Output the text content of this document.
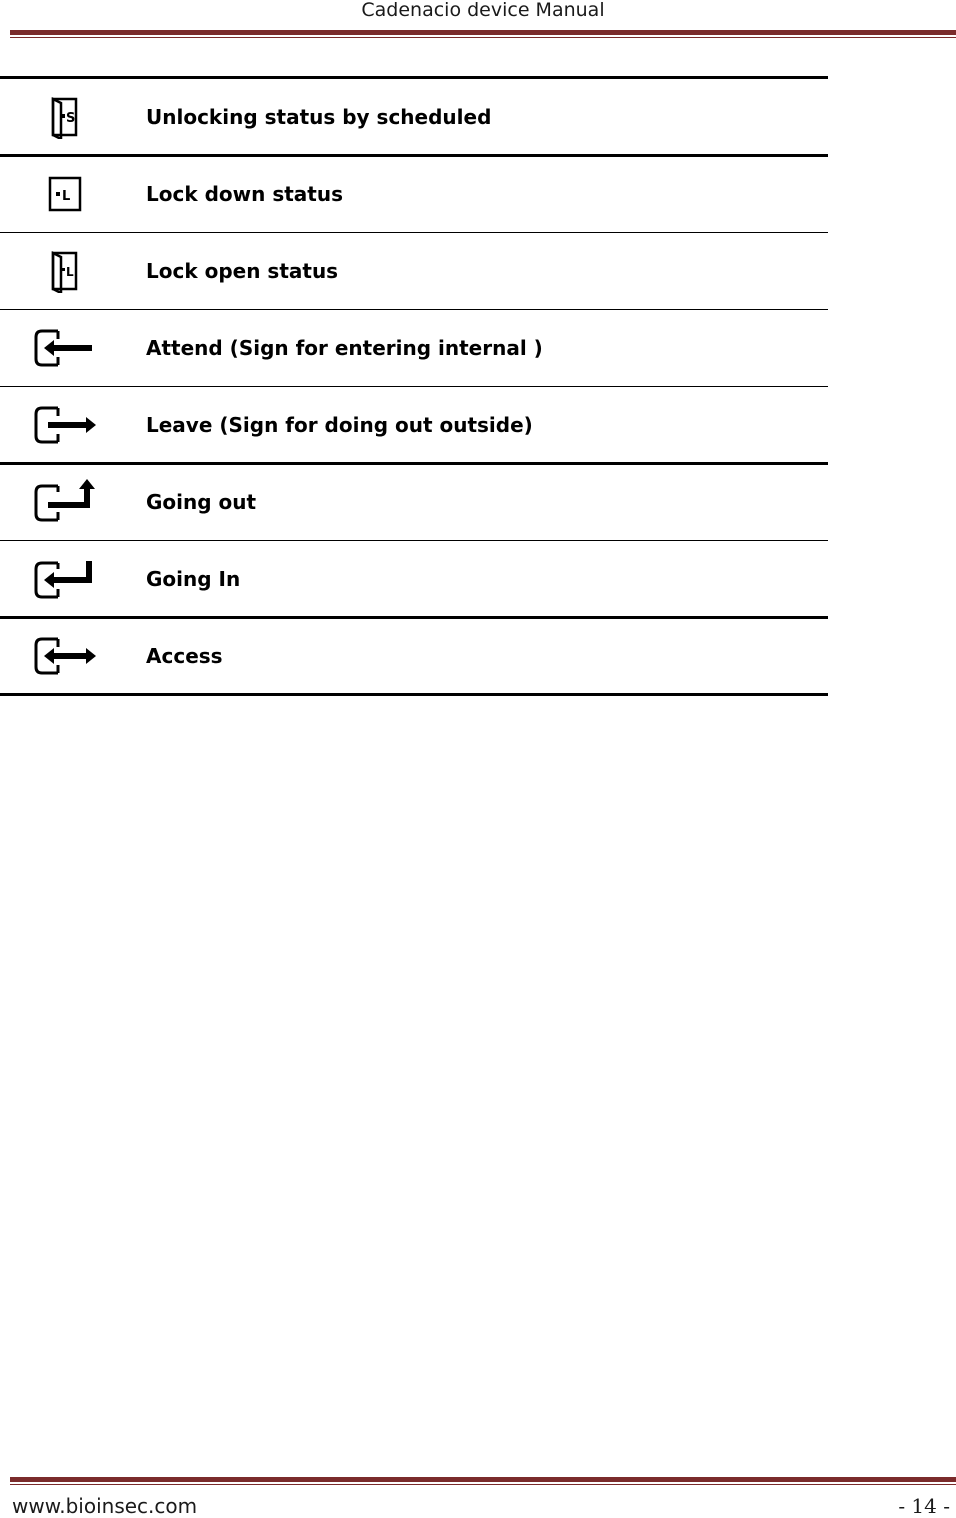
Cadenacio device Manual
S	Unlocking status by scheduled
L	Lock down status
L	Lock open status
Attend (Sign for entering internal )
Leave (Sign for doing out outside)
Going out
Going In
Access
www.bioinsec.com	- 14 -
